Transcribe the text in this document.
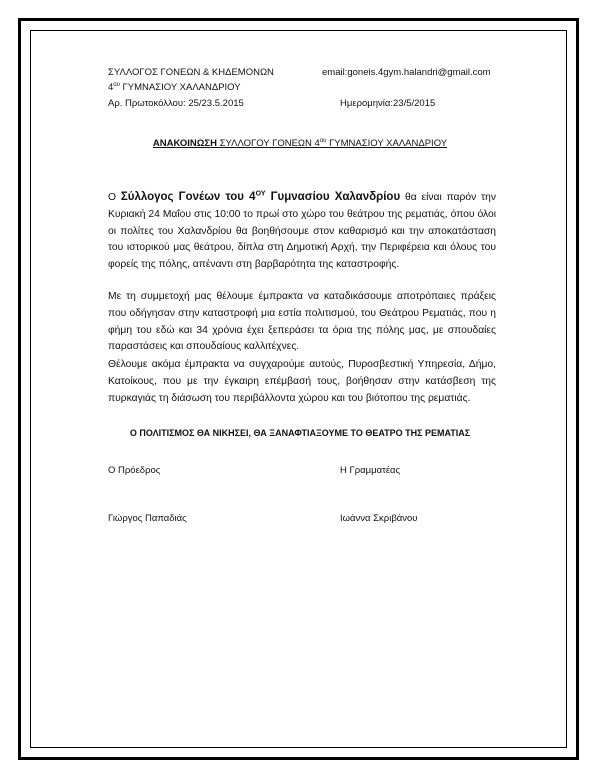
ΣΥΛΛΟΓΟΣ ΓΟΝΕΩΝ & ΚΗΔΕΜΟΝΩΝ
$4^{o\upsilon}$ ΓΥΜΝΑΣΙΟΥ ΧΑΛΑΝΔΡΙΟΥ
Αρ. Πρωτοκόλλου: 25/23.5.2015
email:goneis.4gym.halandri@gmail.com
Ημερομηνία:23/5/2015
ΑΝΑΚΟΙΝΩΣΗ ΣΥΛΛΟΓΟΥ ΓΟΝΕΩΝ $4^{o\upsilon}$ ΓΥΜΝΑΣΙΟΥ ΧΑΛΑΝΔΡΙΟΥ

Ο Σύλλογος Γονέων του $4^{O\Upsilon}$ Γυμνασίου Χαλανδρίου θα είναι παρόν την Κυριακή 24 Μαΐου στις 10:00 το πρωί στο χώρο του θεάτρου της ρεματιάς, όπου όλοι οι πολίτες του Χαλανδρίου θα βοηθήσουμε στον καθαρισμό και την αποκατάσταση του ιστορικού μας θεάτρου, δίπλα στη Δημοτική Αρχή, την Περιφέρεια και όλους του φορείς της πόλης, απέναντι στη βαρβαρότητα της καταστροφής.

Με τη συμμετοχή μας θέλουμε έμπρακτα να καταδικάσουμε αποτρόπαιες πράξεις που οδήγησαν στην καταστροφή μια εστία πολιτισμού, του Θεάτρου Ρεματιάς, που η φήμη του εδώ και 34 χρόνια έχει ξεπεράσει τα όρια της πόλης μας, με σπουδαίες παραστάσεις και σπουδαίους καλλιτέχνες.

Θέλουμε ακόμα έμπρακτα να συγχαρούμε αυτούς, Πυροσβεστική Υπηρεσία, Δήμο, Κατοίκους, που με την έγκαιρη επέμβασή τους, βοήθησαν στην κατάσβεση της πυρκαγιάς τη διάσωση του περιβάλλοντα χώρου και του βιότοπου της ρεματιάς.

Ο ΠΟΛΙΤΙΣΜΟΣ ΘΑ ΝΙΚΗΣΕΙ, ΘΑ ΞΑΝΑΦΤΙΑΞΟΥΜΕ ΤΟ ΘΕΑΤΡΟ ΤΗΣ ΡΕΜΑΤΙΑΣ
Ο Πρόεδρος	Η Γραμματέας
Γιώργος Παπαδιάς	Ιωάννα Σκριβάνου
